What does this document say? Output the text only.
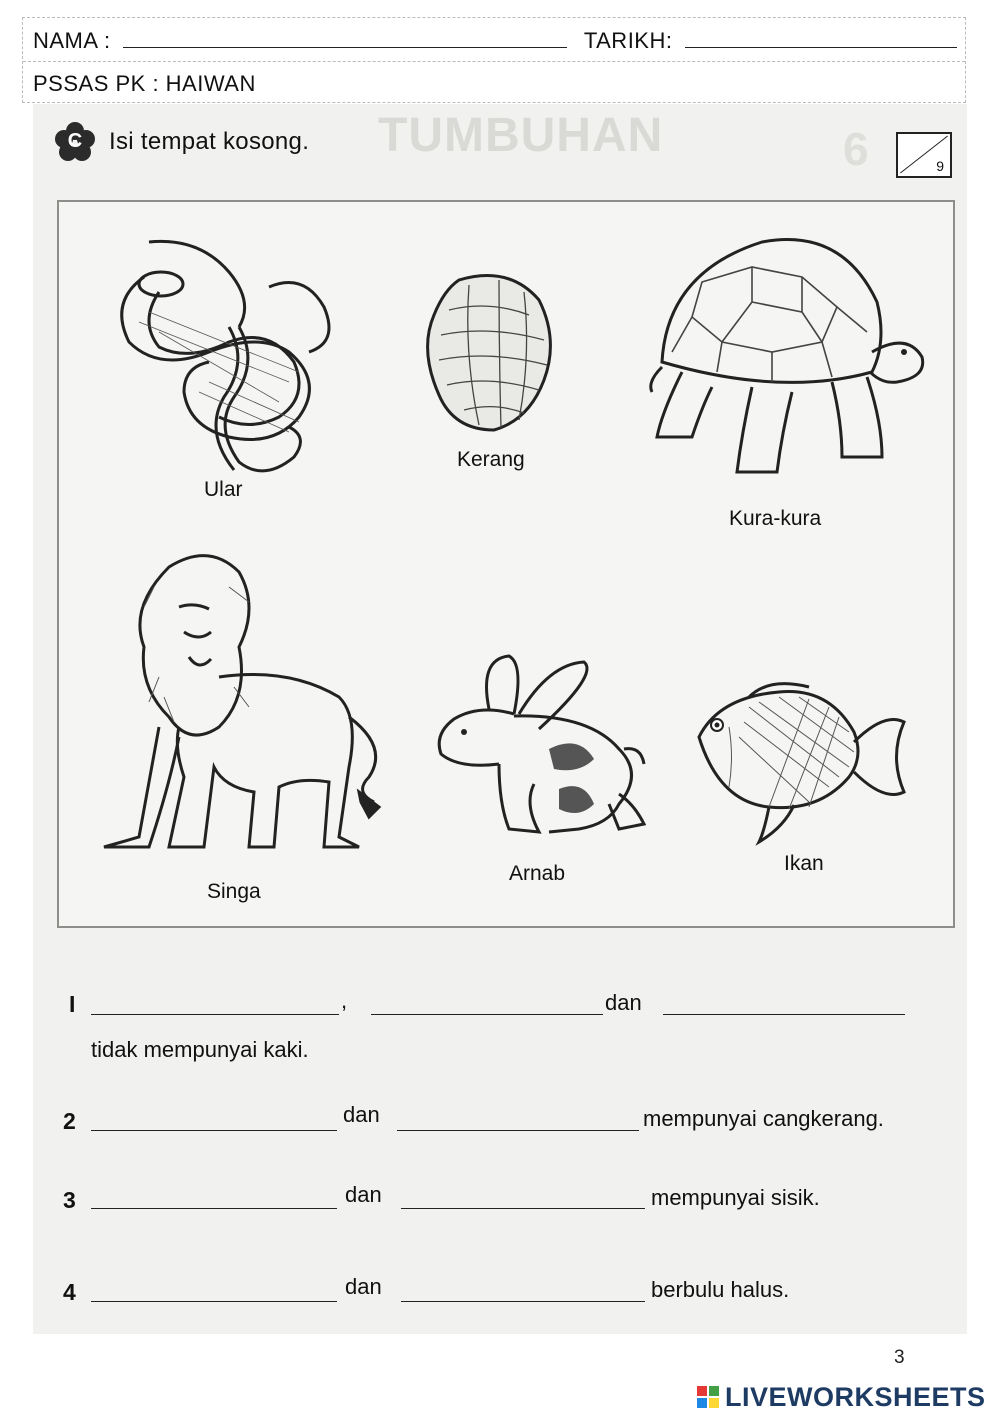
NAMA :	TARIKH:
PSSAS PK : HAIWAN
TUMBUHAN	6
C Isi tempat kosong.
9
Ular
Kerang
Kura-kura
Singa
Arnab	Ikan
I	,	dan
tidak mempunyai kaki.
2	dan	mempunyai cangkerang.
3	dan	mempunyai sisik.
4	dan	berbulu halus.
3
LIVEWORKSHEETS
